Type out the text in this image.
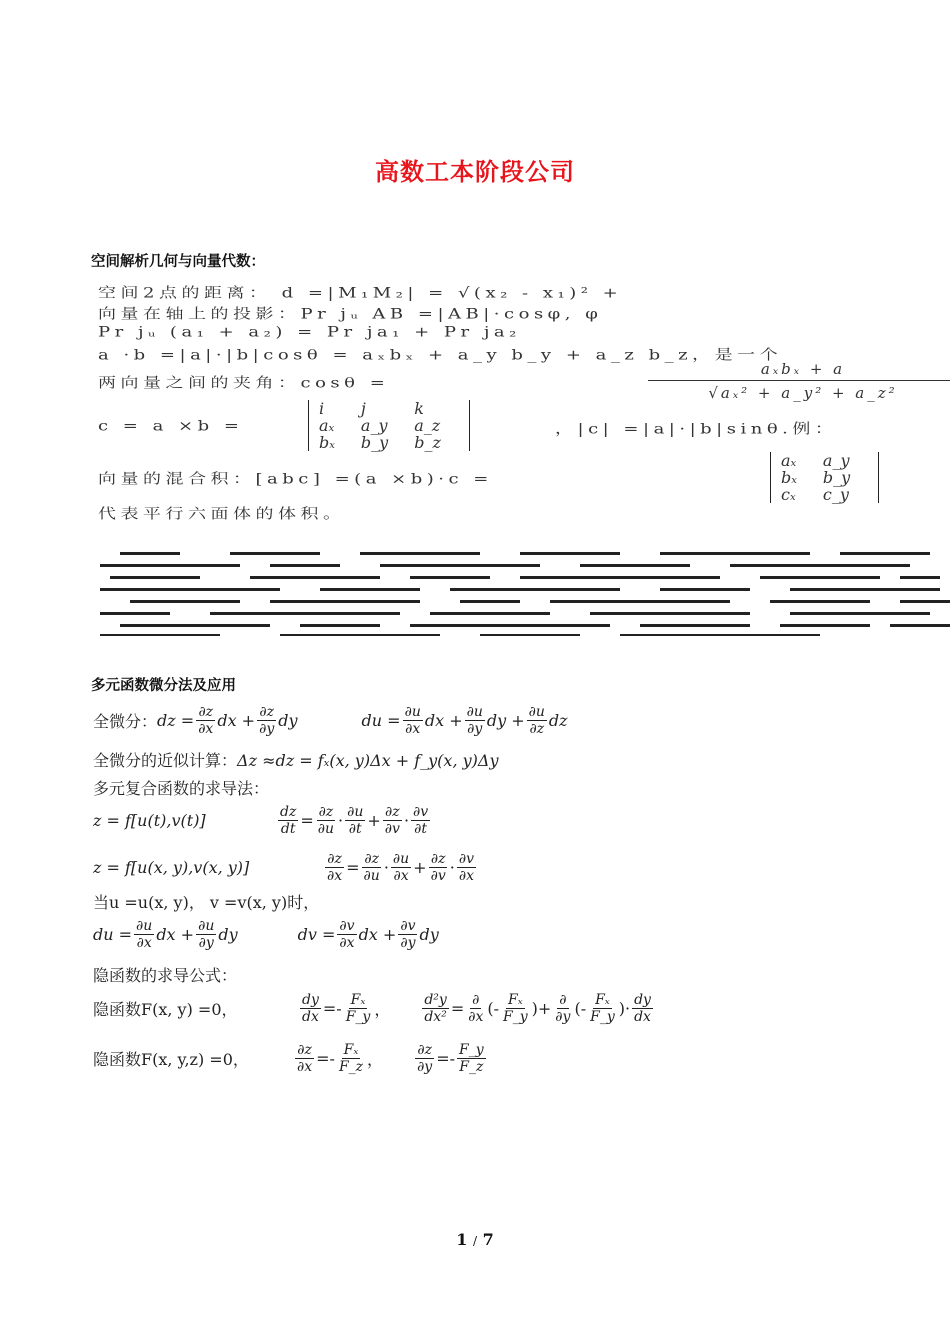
高数工本阶段公司
空间解析几何与向量代数：
空间2点的距离： d =|M₁M₂| = √(x₂ - x₁)² +
向量在轴上的投影：Pr jᵤ AB =|AB|·cosφ, φ
Pr jᵤ (a₁ + a₂) = Pr ja₁ + Pr ja₂
a ·b =|a|·|b|cosθ = aₓbₓ + a_y b_y + a_z b_z，是一个
两向量之间的夹角：cosθ =
aₓbₓ + a
√aₓ² + a_y² + a_z²
c = a ×b =
i	j	k
aₓ	a_y	a_z
bₓ	b_y	b_z
，|c| =|a|·|b|sinθ.例：
向量的混合积：[abc] =(a ×b)·c =
aₓ	a_y
bₓ	b_y
cₓ	c_y
代表平行六面体的体积。
多元函数微分法及应用
全微分： dz = $\frac{\partial z}{\partial x}$ dx + $\frac{\partial z}{\partial y}$ dy	du = $\frac{\partial u}{\partial x}$ dx + $\frac{\partial u}{\partial y}$ dy + $\frac{\partial u}{\partial z}$ dz
全微分的近似计算：Δz ≈dz = fₓ(x, y)Δx + f_y(x, y)Δy
多元复合函数的求导法：
z = f[u(t),v(t)]	$\frac{dz}{dt} = \frac{\partial z}{\partial u} \cdot \frac{\partial u}{\partial t} + \frac{\partial z}{\partial v} \cdot \frac{\partial v}{\partial t}$
z = f[u(x, y),v(x, y)]	$\frac{\partial z}{\partial x} = \frac{\partial z}{\partial u} \cdot \frac{\partial u}{\partial x} + \frac{\partial z}{\partial v} \cdot \frac{\partial v}{\partial x}$
当u =u(x, y)， v =v(x, y)时，
du = $\frac{\partial u}{\partial x}$ dx + $\frac{\partial u}{\partial y}$ dy	dv = $\frac{\partial v}{\partial x}$ dx + $\frac{\partial v}{\partial y}$ dy
隐函数的求导公式：
隐函数F(x, y) =0，	$\frac{dy}{dx} =- \frac{\text{Fₓ}}{F\_y}$ ， $\frac{\text{d²y}}{\text{dx²}} = \frac{\partial}{\partial x}$ (- $\frac{\text{Fₓ}}{F\_y}$ )+ $\frac{\partial}{\partial y}$ (- $\frac{\text{Fₓ}}{F\_y}$ )· $\frac{dy}{dx}$
隐函数F(x, y,z) =0，	$\frac{\partial z}{\partial x} =- \frac{\text{Fₓ}}{F\_z}$ ， $\frac{\partial z}{\partial y} =- \frac{F\_y}{F\_z}$
1 / 7
